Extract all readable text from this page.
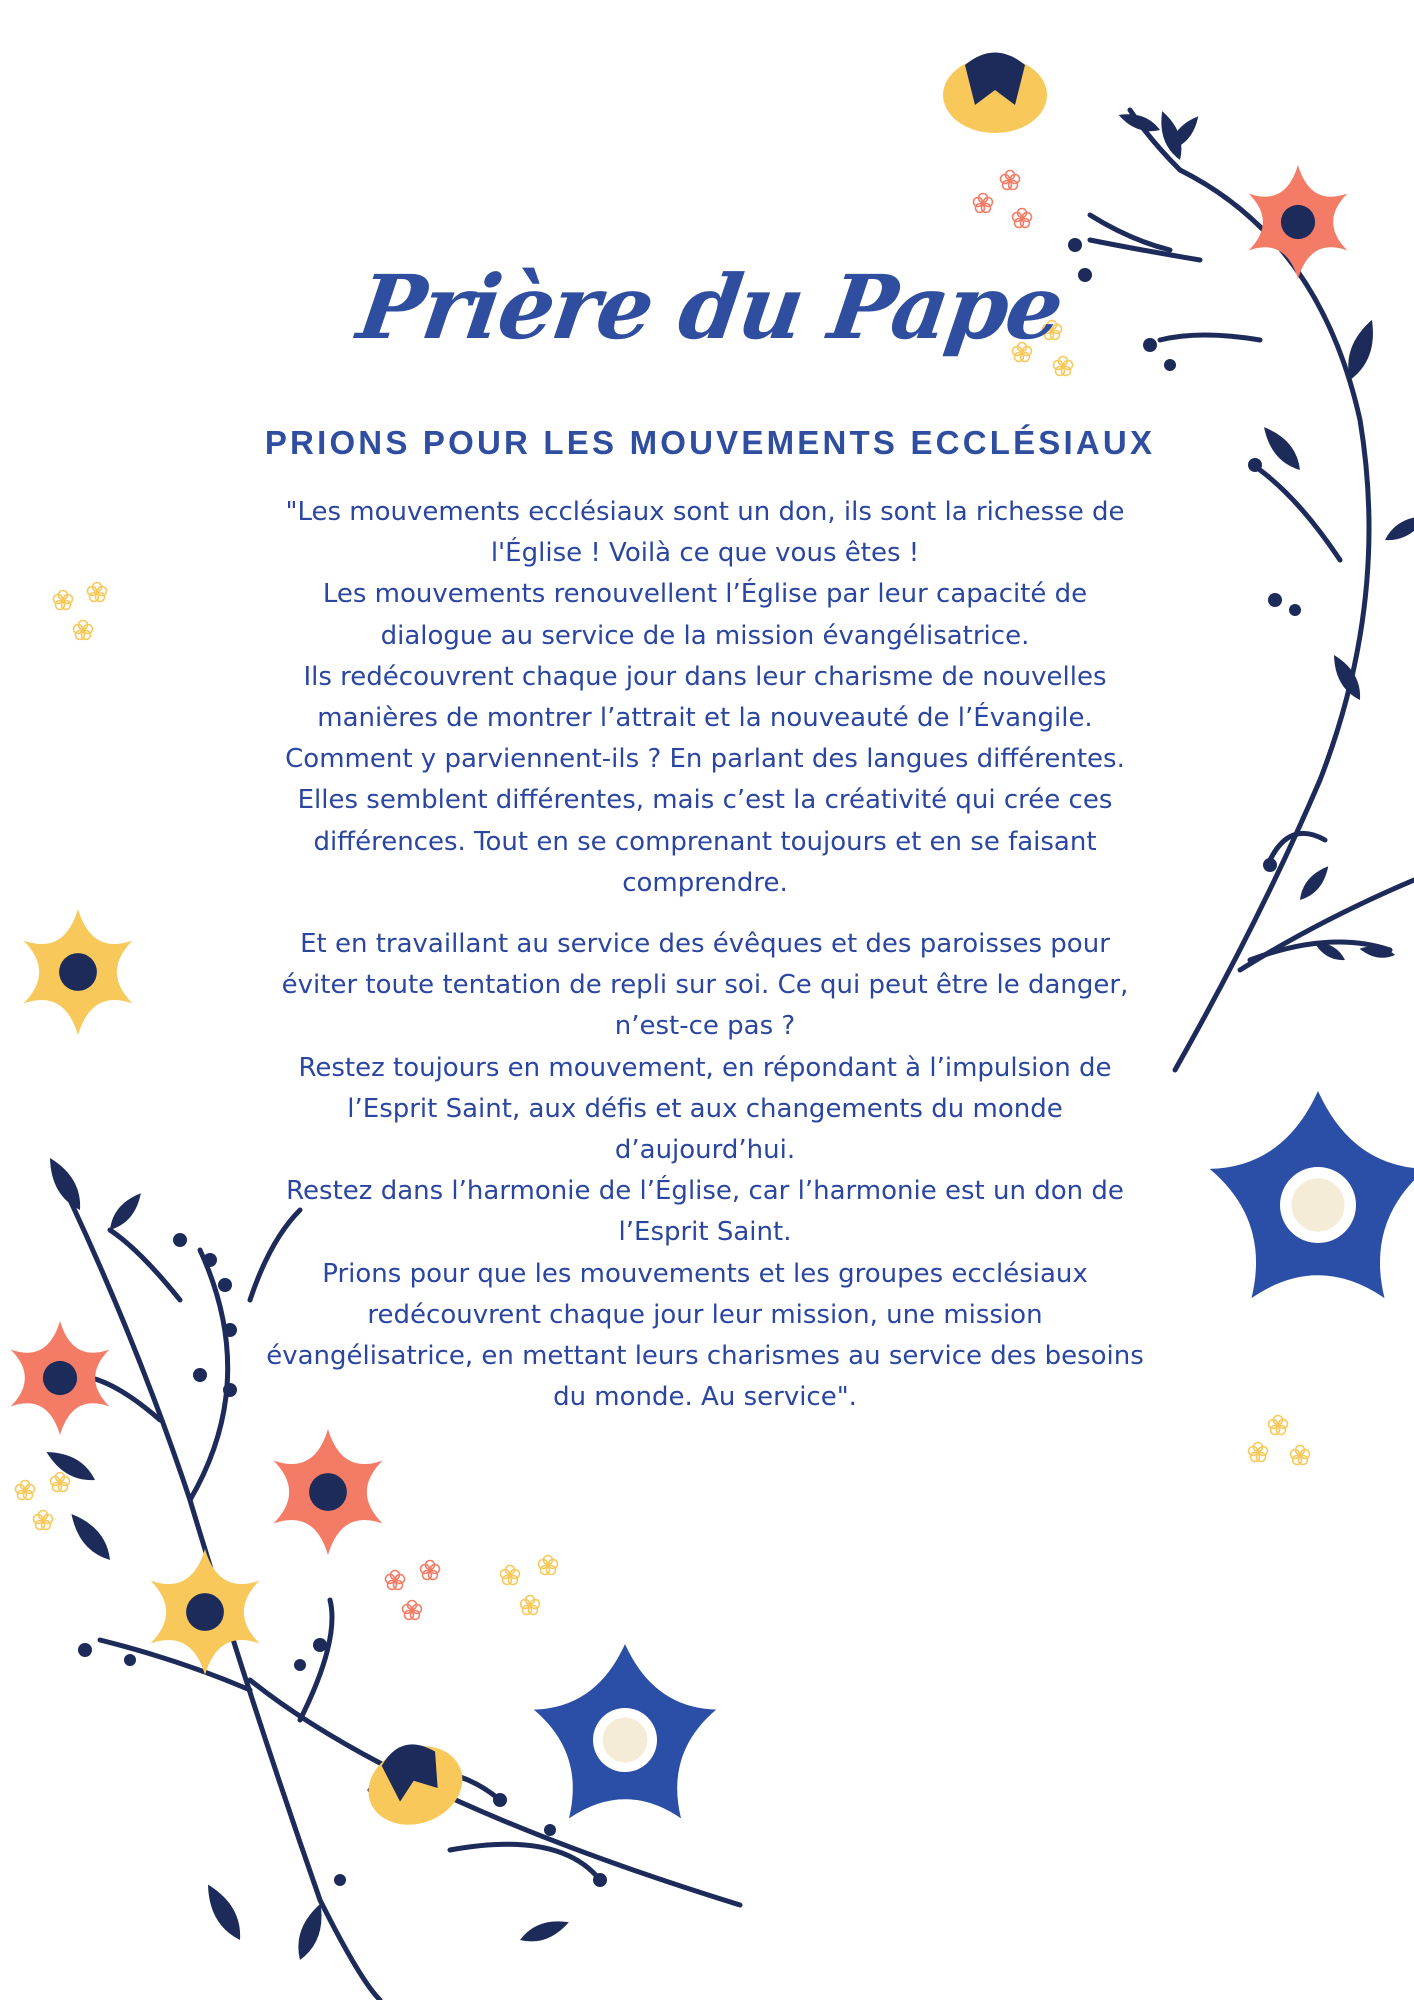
Prière du Pape
PRIONS POUR LES MOUVEMENTS ECCLÉSIAUX

"Les mouvements ecclésiaux sont un don, ils sont la richesse de
l'Église ! Voilà ce que vous êtes !
Les mouvements renouvellent l’Église par leur capacité de
dialogue au service de la mission évangélisatrice.
Ils redécouvrent chaque jour dans leur charisme de nouvelles
manières de montrer l’attrait et la nouveauté de l’Évangile.
Comment y parviennent-ils ? En parlant des langues différentes.
Elles semblent différentes, mais c’est la créativité qui crée ces
différences. Tout en se comprenant toujours et en se faisant
comprendre.

Et en travaillant au service des évêques et des paroisses pour
éviter toute tentation de repli sur soi. Ce qui peut être le danger,
n’est-ce pas ?
Restez toujours en mouvement, en répondant à l’impulsion de
l’Esprit Saint, aux défis et aux changements du monde
d’aujourd’hui.
Restez dans l’harmonie de l’Église, car l’harmonie est un don de
l’Esprit Saint.
Prions pour que les mouvements et les groupes ecclésiaux
redécouvrent chaque jour leur mission, une mission
évangélisatrice, en mettant leurs charismes au service des besoins
du monde. Au service".
